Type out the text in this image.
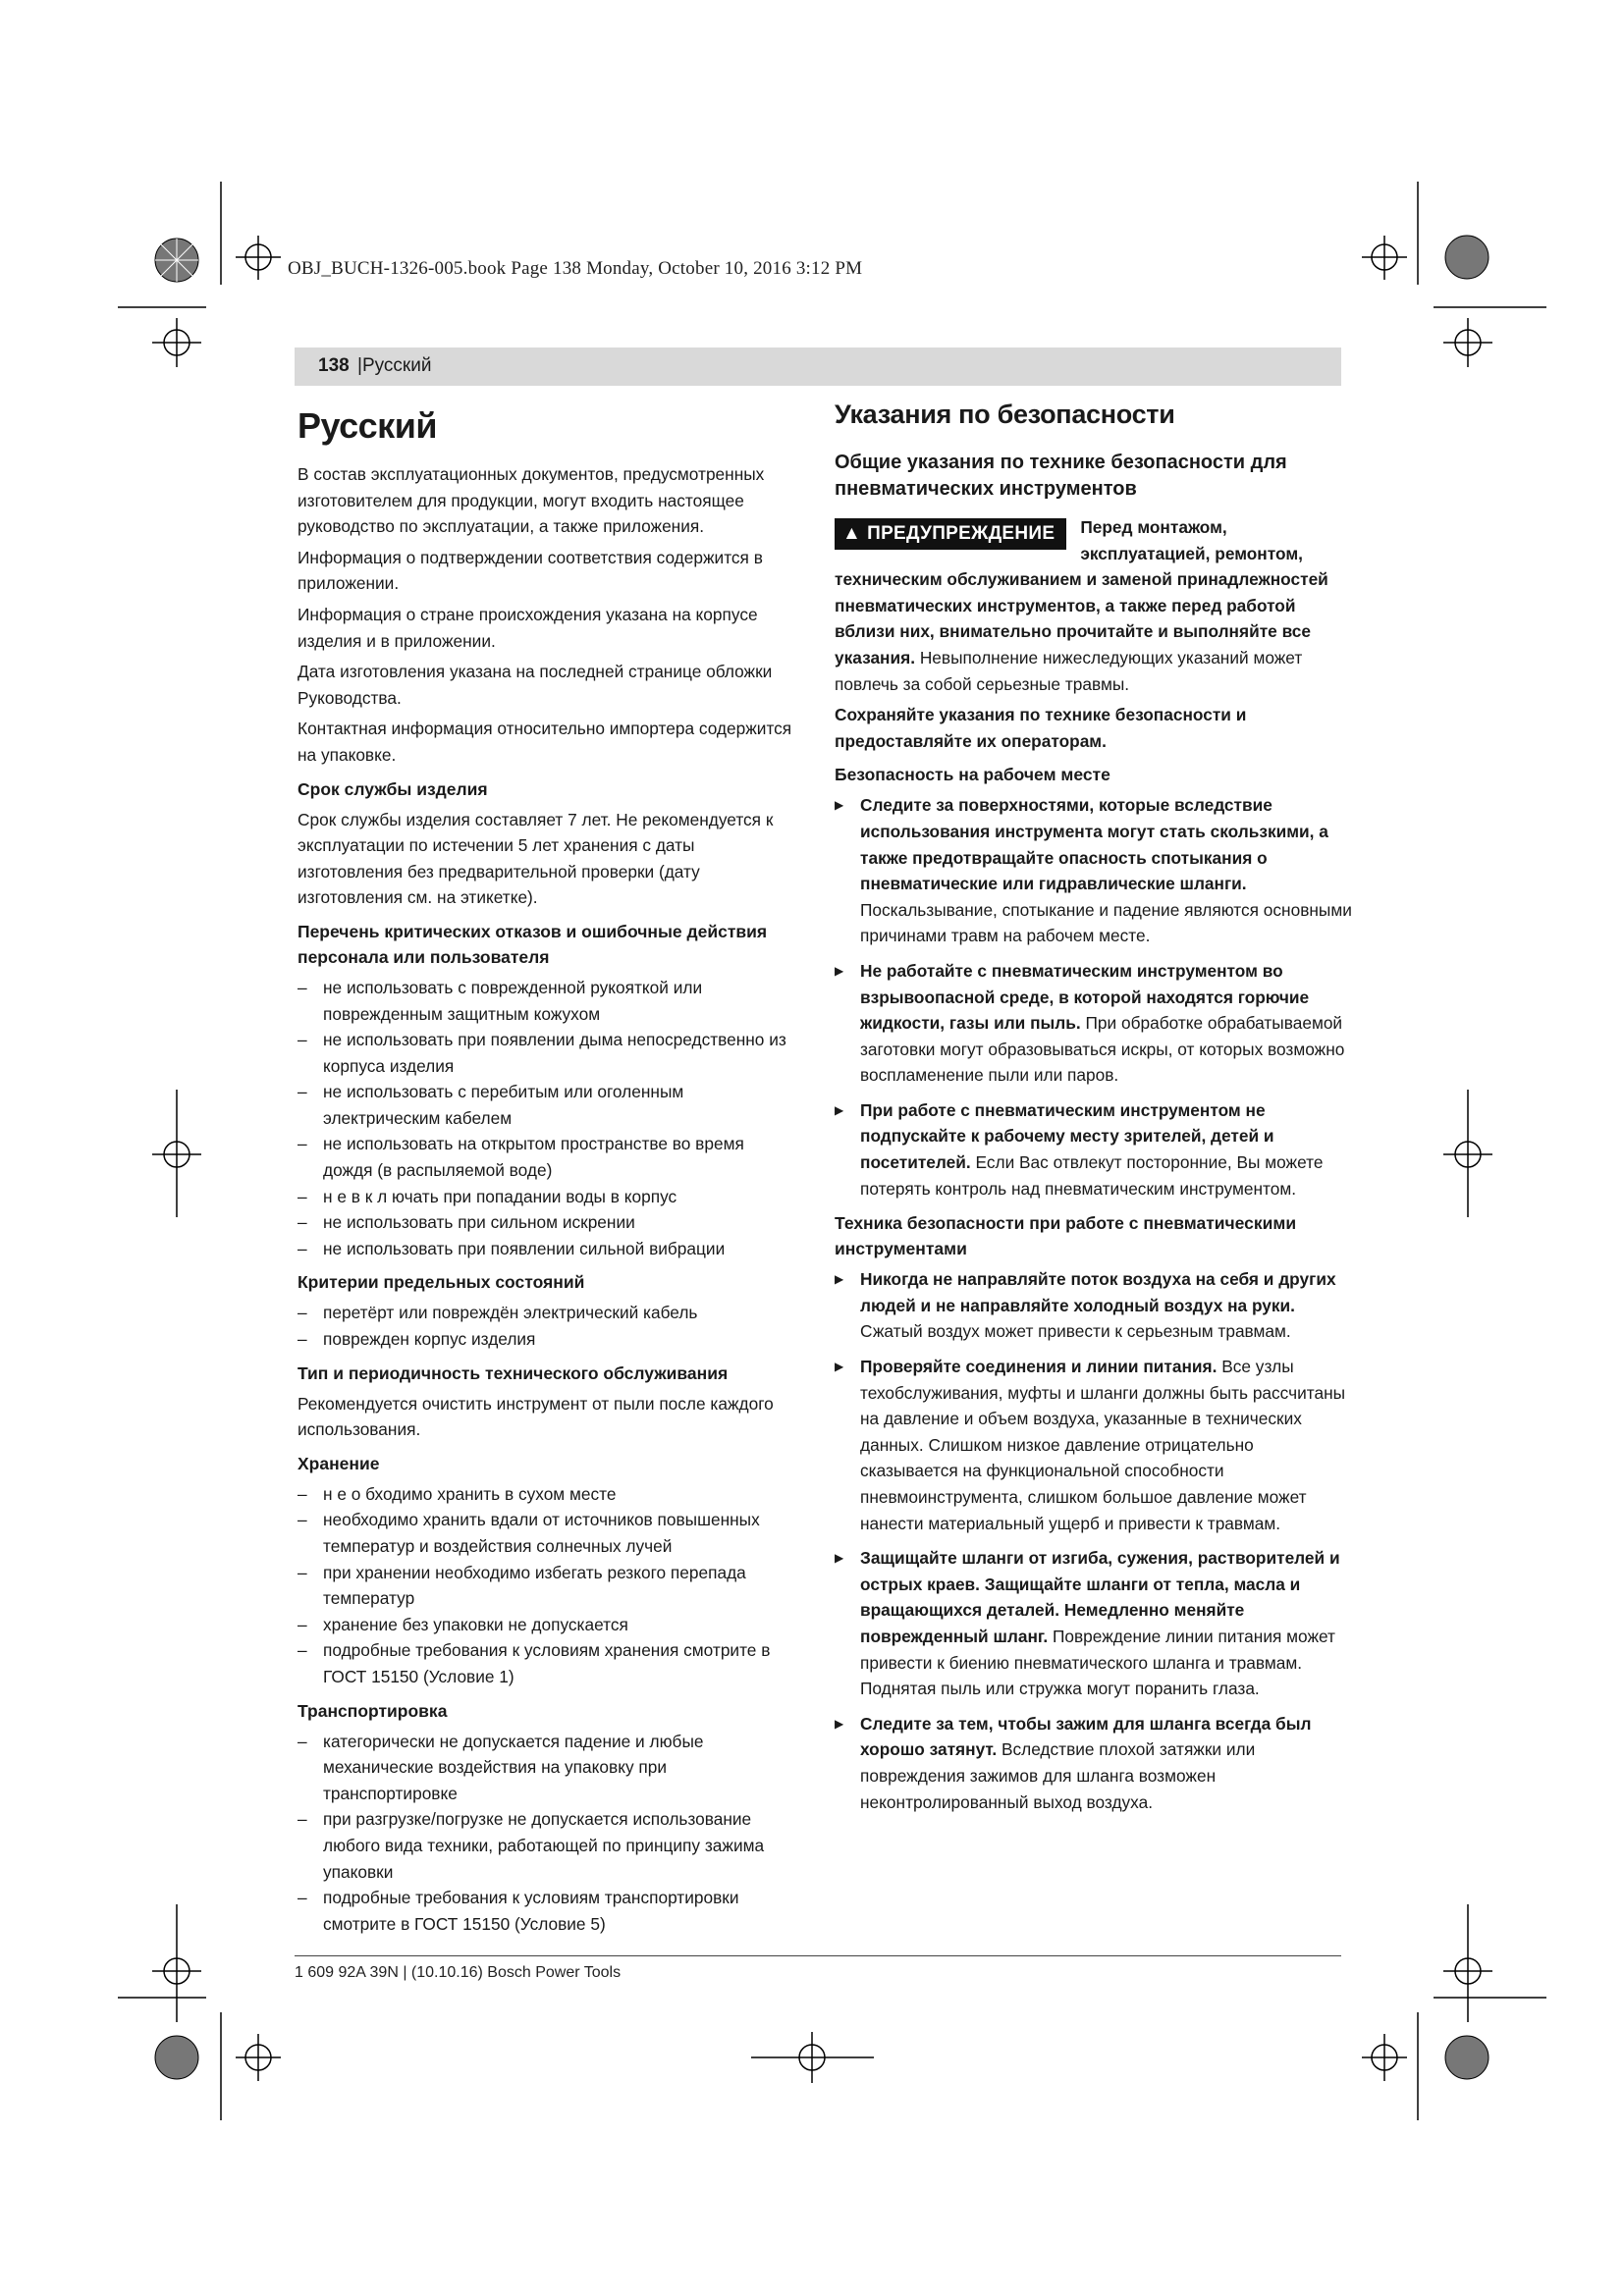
OBJ_BUCH-1326-005.book Page 138 Monday, October 10, 2016 3:12 PM
138 |Русский
Русский

В состав эксплуатационных документов, предусмотренных изготовителем для продукции, могут входить настоящее руководство по эксплуатации, а также приложения.

Информация о подтверждении соответствия содержится в приложении.

Информация о стране происхождения указана на корпусе изделия и в приложении.

Дата изготовления указана на последней странице обложки Руководства.

Контактная информация относительно импортера содержится на упаковке.

Срок службы изделия

Срок службы изделия составляет 7 лет. Не рекомендуется к эксплуатации по истечении 5 лет хранения с даты изготовления без предварительной проверки (дату изготовления см. на этикетке).

Перечень критических отказов и ошибочные действия персонала или пользователя
– не использовать с поврежденной рукояткой или поврежденным защитным кожухом
– не использовать при появлении дыма непосредственно из корпуса изделия
– не использовать с перебитым или оголенным электрическим кабелем
– не использовать на открытом пространстве во время дождя (в распыляемой воде)
– н е в к л ючать при попадании воды в корпус
– не использовать при сильном искрении
– не использовать при появлении сильной вибрации
Критерии предельных состояний
– перетёрт или повреждён электрический кабель
– поврежден корпус изделия
Тип и периодичность технического обслуживания

Рекомендуется очистить инструмент от пыли после каждого использования.

Хранение
– н е о бходимо хранить в сухом месте
– необходимо хранить вдали от источников повышенных температур и воздействия солнечных лучей
– при хранении необходимо избегать резкого перепада температур
– хранение без упаковки не допускается
– подробные требования к условиям хранения смотрите в ГОСТ 15150 (Условие 1)
Транспортировка
– категорически не допускается падение и любые механические воздействия на упаковку при транспортировке
– при разгрузке/погрузке не допускается использование любого вида техники, работающей по принципу зажима упаковки
– подробные требования к условиям транспортировки смотрите в ГОСТ 15150 (Условие 5)
Указания по безопасности
Общие указания по технике безопасности для пневматических инструментов
▲ ПРЕДУПРЕЖДЕНИЕ	Перед монтажом, эксплуатацией, ремонтом, техническим обслуживанием и заменой принадлежностей пневматических инструментов, а также перед работой вблизи них, внимательно прочитайте и выполняйте все указания. Невыполнение нижеследующих указаний может повлечь за собой серьезные травмы.

Сохраняйте указания по технике безопасности и предоставляйте их операторам.

Безопасность на рабочем месте
▶ Следите за поверхностями, которые вследствие использования инструмента могут стать скользкими, а также предотвращайте опасность спотыкания о пневматические или гидравлические шланги. Поскальзывание, спотыкание и падение являются основными причинами травм на рабочем месте.
▶ Не работайте с пневматическим инструментом во взрывоопасной среде, в которой находятся горючие жидкости, газы или пыль. При обработке обрабатываемой заготовки могут образовываться искры, от которых возможно воспламенение пыли или паров.
▶ При работе с пневматическим инструментом не подпускайте к рабочему месту зрителей, детей и посетителей. Если Вас отвлекут посторонние, Вы можете потерять контроль над пневматическим инструментом.
Техника безопасности при работе с пневматическими инструментами
▶ Никогда не направляйте поток воздуха на себя и других людей и не направляйте холодный воздух на руки. Сжатый воздух может привести к серьезным травмам.
▶ Проверяйте соединения и линии питания. Все узлы техобслуживания, муфты и шланги должны быть рассчитаны на давление и объем воздуха, указанные в технических данных. Слишком низкое давление отрицательно сказывается на функциональной способности пневмоинструмента, слишком большое давление может нанести материальный ущерб и привести к травмам.
▶ Защищайте шланги от изгиба, сужения, растворителей и острых краев. Защищайте шланги от тепла, масла и вращающихся деталей. Немедленно меняйте поврежденный шланг. Повреждение линии питания может привести к биению пневматического шланга и травмам. Поднятая пыль или стружка могут поранить глаза.
▶ Следите за тем, чтобы зажим для шланга всегда был хорошо затянут. Вследствие плохой затяжки или повреждения зажимов для шланга возможен неконтролированный выход воздуха.
1 609 92A 39N | (10.10.16) Bosch Power Tools
